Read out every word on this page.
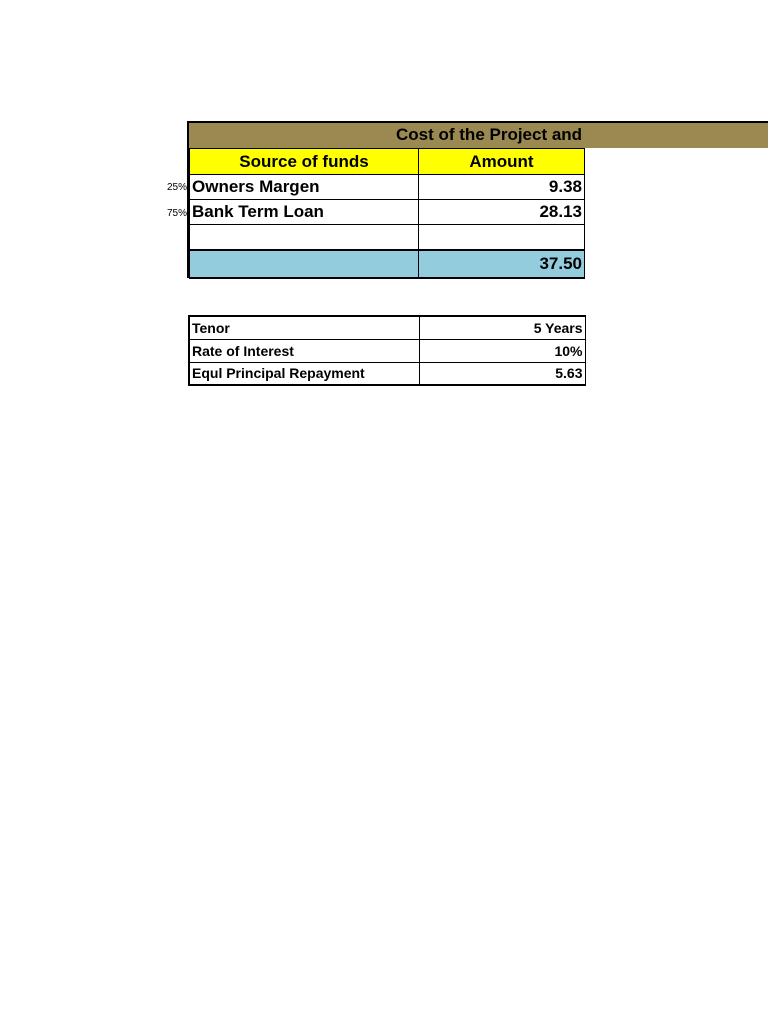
Cost of the Project and
25%
75%
Source of funds	Amount
Owners Margen	9.38
Bank Term Loan	28.13

	37.50
Tenor	5 Years
Rate of Interest	10%
Equl Principal Repayment	5.63
